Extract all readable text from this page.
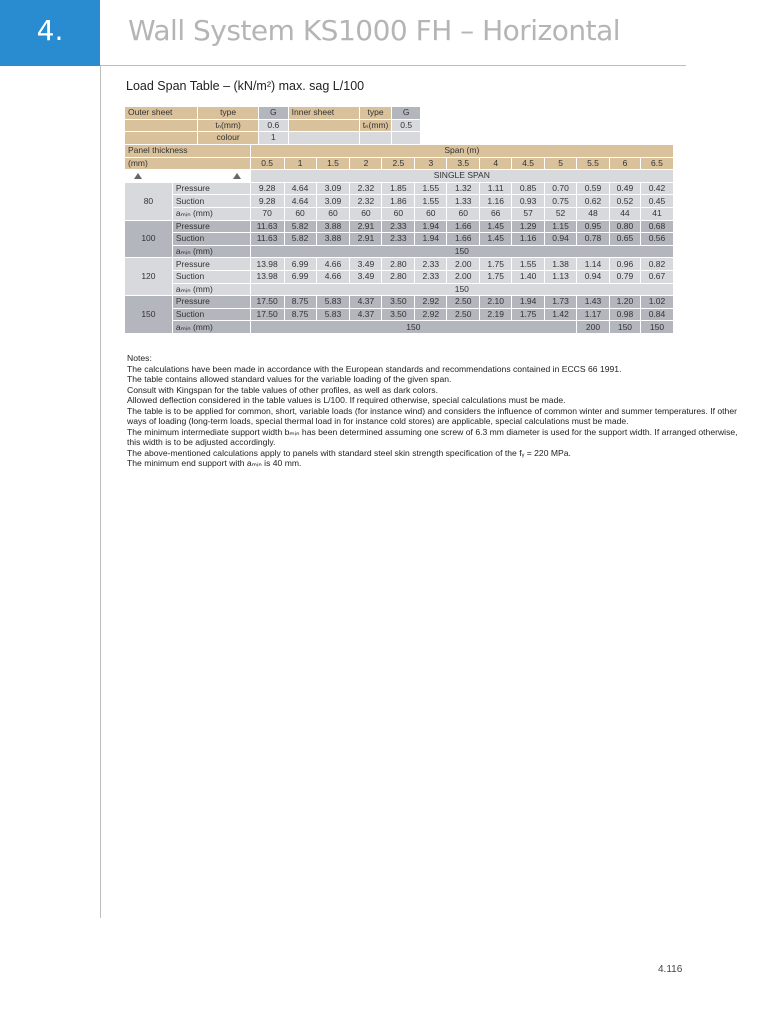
4.	Wall System KS1000 FH – Horizontal
Load Span Table – (kN/m²) max. sag L/100
Outer sheet	type	G	Inner sheet	type	G
	tₙ(mm)	0.6		tₙ(mm)	0.5
	colour	1			
Panel thickness		Span (m)												
(mm)		0.5	1	1.5	2	2.5	3	3.5	4	4.5	5	5.5	6	6.5

		SINGLE SPAN												
80	Pressure	9.28	4.64	3.09	2.32	1.85	1.55	1.32	1.11	0.85	0.70	0.59	0.49	0.42
	Suction	9.28	4.64	3.09	2.32	1.86	1.55	1.33	1.16	0.93	0.75	0.62	0.52	0.45
	aₘᵢₙ (mm)	70	60	60	60	60	60	60	66	57	52	48	44	41
100	Pressure	11.63	5.82	3.88	2.91	2.33	1.94	1.66	1.45	1.29	1.15	0.95	0.80	0.68
	Suction	11.63	5.82	3.88	2.91	2.33	1.94	1.66	1.45	1.16	0.94	0.78	0.65	0.56
	aₘᵢₙ (mm)	150												
120	Pressure	13.98	6.99	4.66	3.49	2.80	2.33	2.00	1.75	1.55	1.38	1.14	0.96	0.82
	Suction	13.98	6.99	4.66	3.49	2.80	2.33	2.00	1.75	1.40	1.13	0.94	0.79	0.67
	aₘᵢₙ (mm)	150												
150	Pressure	17.50	8.75	5.83	4.37	3.50	2.92	2.50	2.10	1.94	1.73	1.43	1.20	1.02
	Suction	17.50	8.75	5.83	4.37	3.50	2.92	2.50	2.19	1.75	1.42	1.17	0.98	0.84
	aₘᵢₙ (mm)	150										200	150	150

Notes:

The calculations have been made in accordance with the European standards and recommendations contained in ECCS 66 1991.

The table contains allowed standard values for the variable loading of the given span.

Consult with Kingspan for the table values of other profiles, as well as dark colors.

Allowed deflection considered in the table values is L/100. If required otherwise, special calculations must be made.

The table is to be applied for common, short, variable loads (for instance wind) and considers the influence of common winter and summer temperatures. If other ways of loading (long-term loads, special thermal load in for instance cold stores) are applicable, special calculations must be made.

The minimum intermediate support width bₘᵢₙ has been determined assuming one screw of 6.3 mm diameter is used for the support width. If arranged otherwise, this width is to be adjusted accordingly.

The above-mentioned calculations apply to panels with standard steel skin strength specification of the fᵧ = 220 MPa.

The minimum end support with aₘᵢₙ is 40 mm.

4.116
